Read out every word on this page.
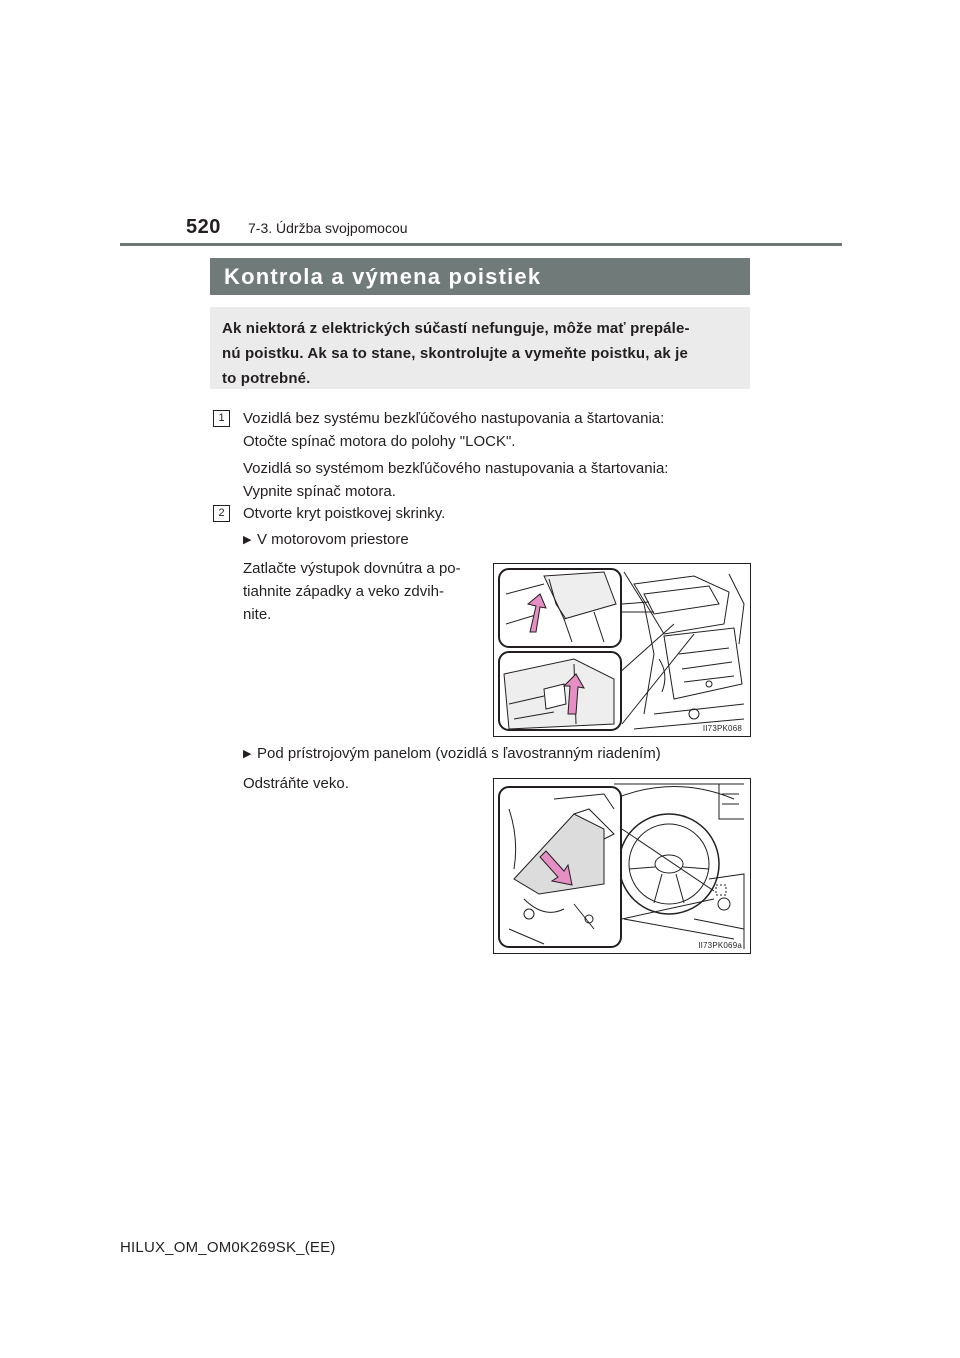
520 7-3. Údržba svojpomocou
Kontrola a výmena poistiek
Ak niektorá z elektrických súčastí nefunguje, môže mať prepále-
nú poistku. Ak sa to stane, skontrolujte a vymeňte poistku, ak je
to potrebné.
1	Vozidlá bez systému bezkľúčového nastupovania a štartovania:
Otočte spínač motora do polohy "LOCK".
Vozidlá so systémom bezkľúčového nastupovania a štartovania:
Vypnite spínač motora.
2	Otvorte kryt poistkovej skrinky.
▶ V motorovom priestore
Zatlačte výstupok dovnútra a po-
tiahnite západky a veko zdvih-
nite.
II73PK068
▶ Pod prístrojovým panelom (vozidlá s ľavostranným riadením)
Odstráňte veko.
II73PK069a
HILUX_OM_OM0K269SK_(EE)
